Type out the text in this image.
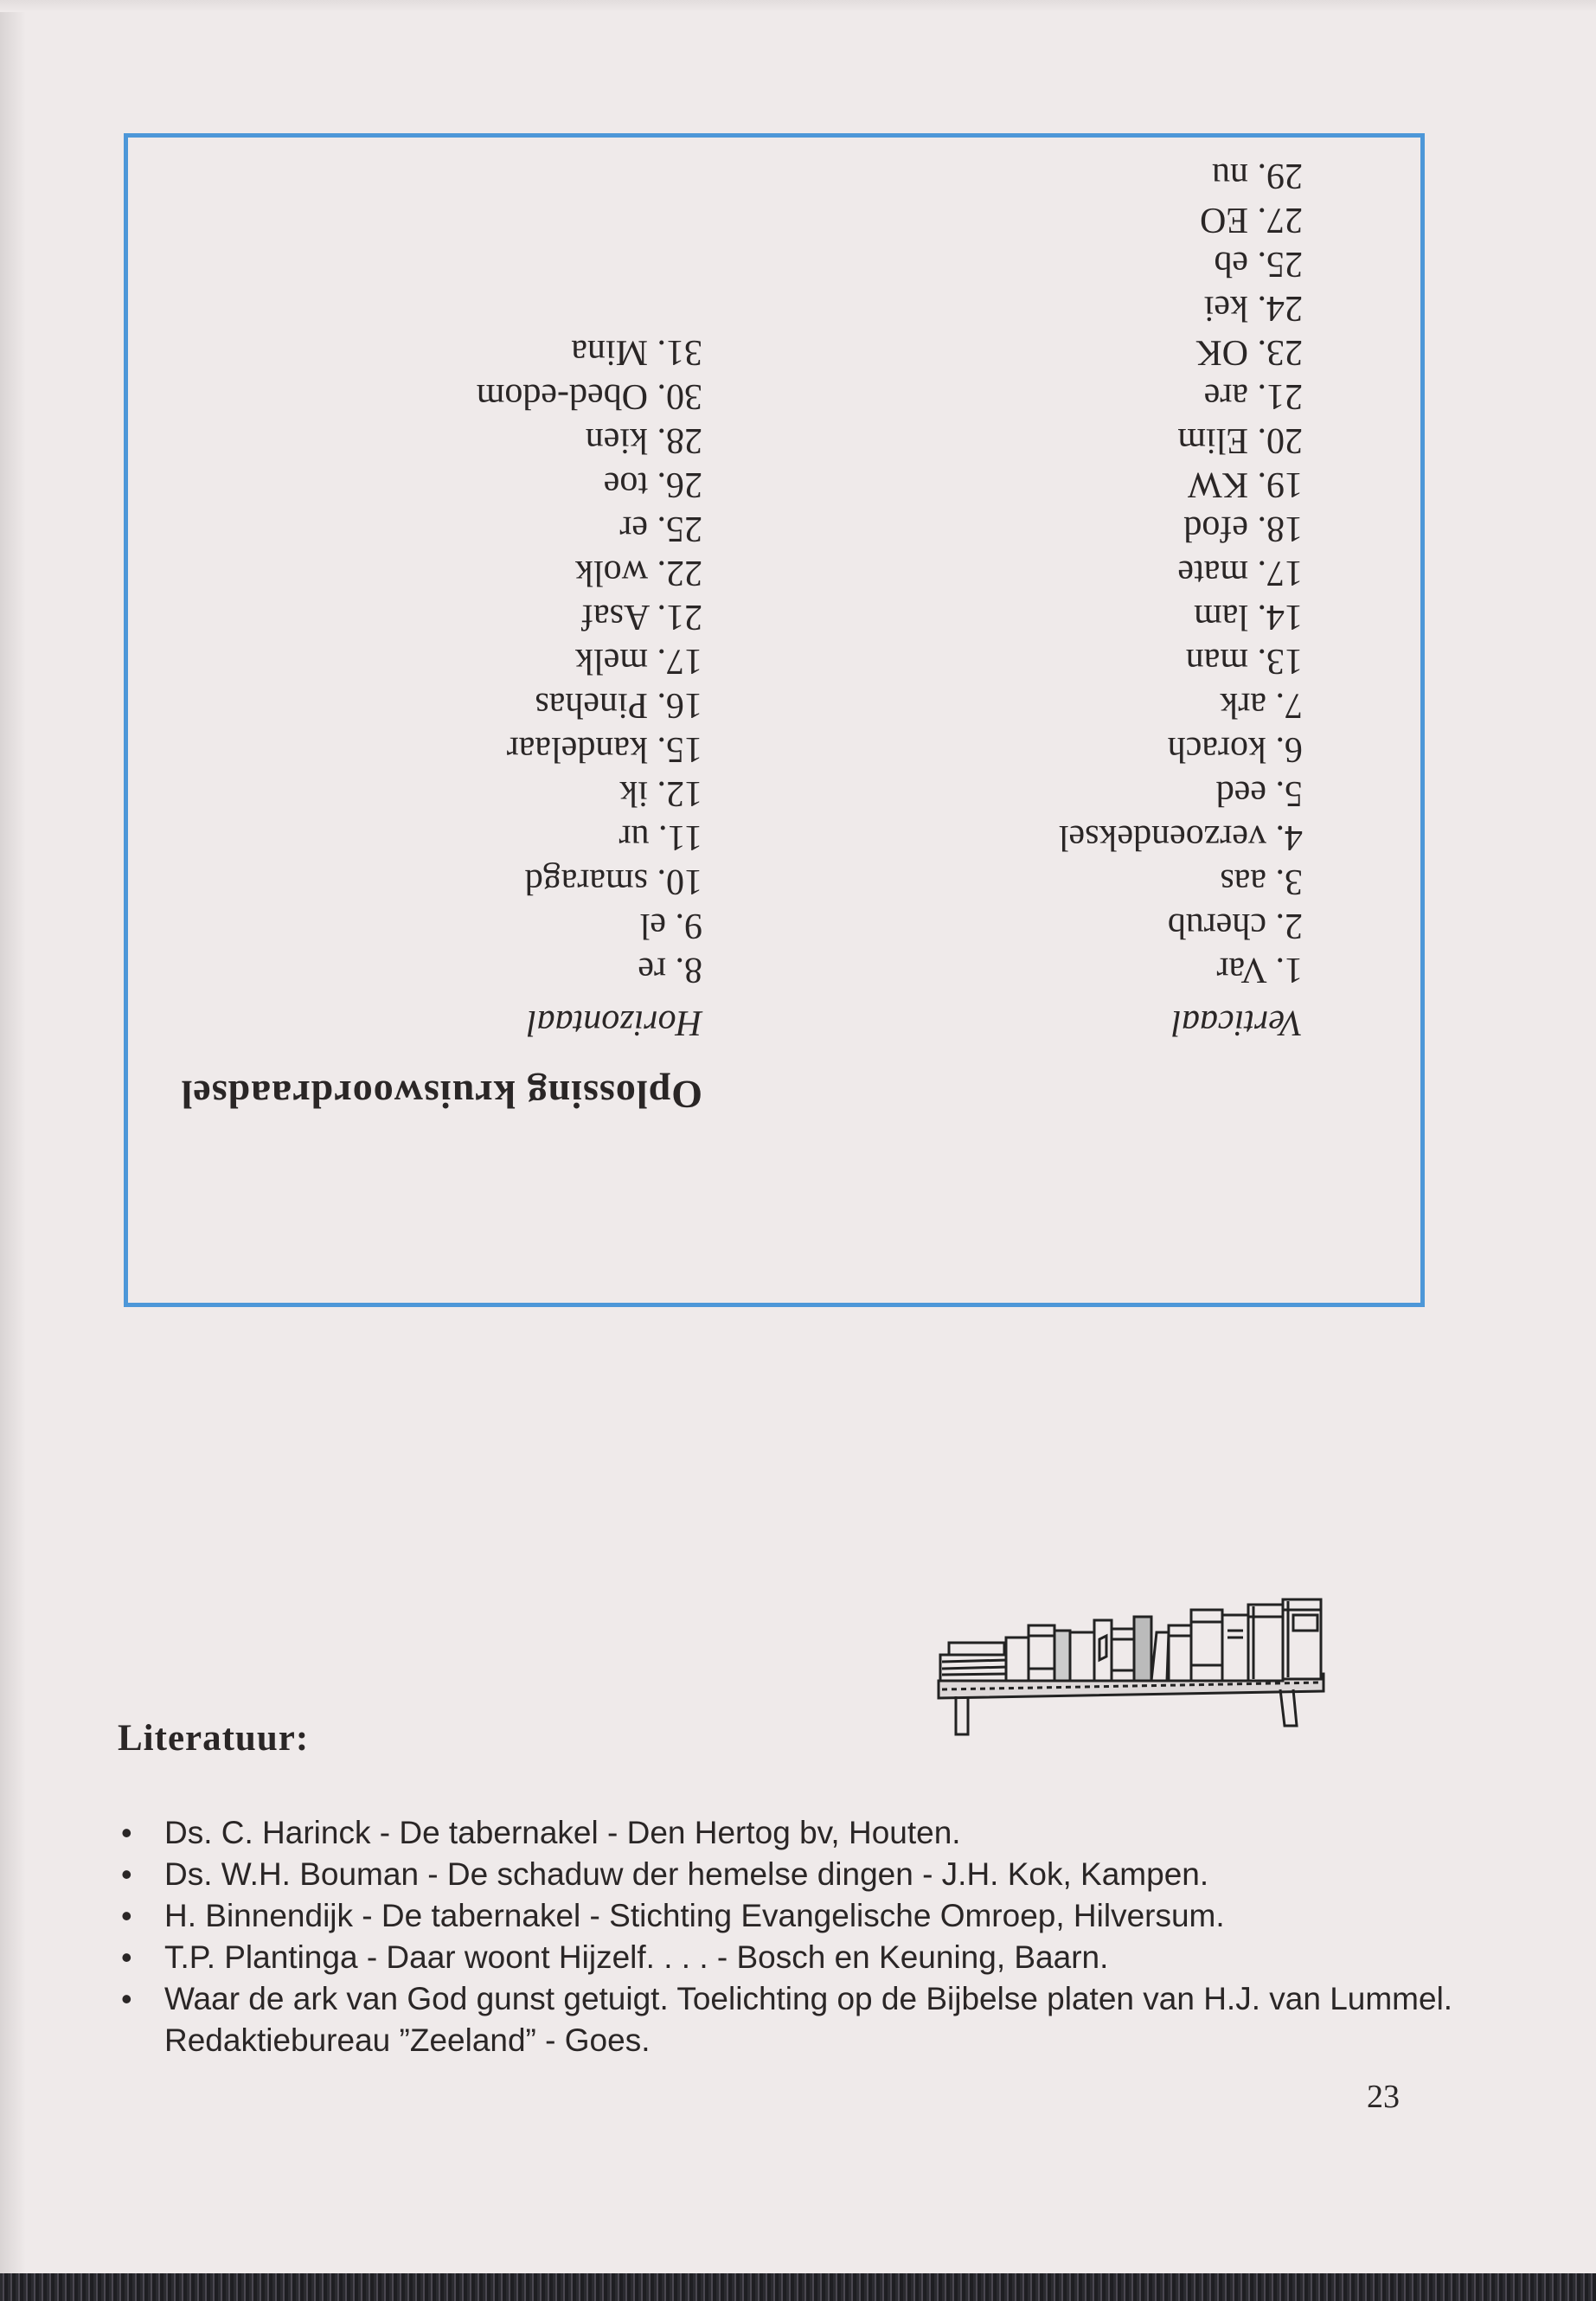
Oplossing kruiswoordraadsel
Verticaal
Horizontaal
1. Var
2. cherub
3. aas
4. verzoendeksel
5. eed
6. korach
7. ark
13. man
14. lam
17. mate
18. efod
19. KW
20. Elim
21. are
23. OK
24. kei
25. eb
27. EO
29. nu
8. re
9. el
10. smaragd
11. ur
12. ik
15. kandelaar
16. Pinehas
17. melk
21. Asaf
22. wolk
25. er
26. toe
28. kien
30. Obed-edom
31. Mina
Literatuur:
• Ds. C. Harinck - De tabernakel - Den Hertog bv, Houten.
• Ds. W.H. Bouman - De schaduw der hemelse dingen - J.H. Kok, Kampen.
• H. Binnendijk - De tabernakel - Stichting Evangelische Omroep, Hilversum.
• T.P. Plantinga - Daar woont Hijzelf. . . . - Bosch en Keuning, Baarn.
• Waar de ark van God gunst getuigt. Toelichting op de Bijbelse platen van H.J. van Lummel. Redaktiebureau ”Zeeland” - Goes.
23
